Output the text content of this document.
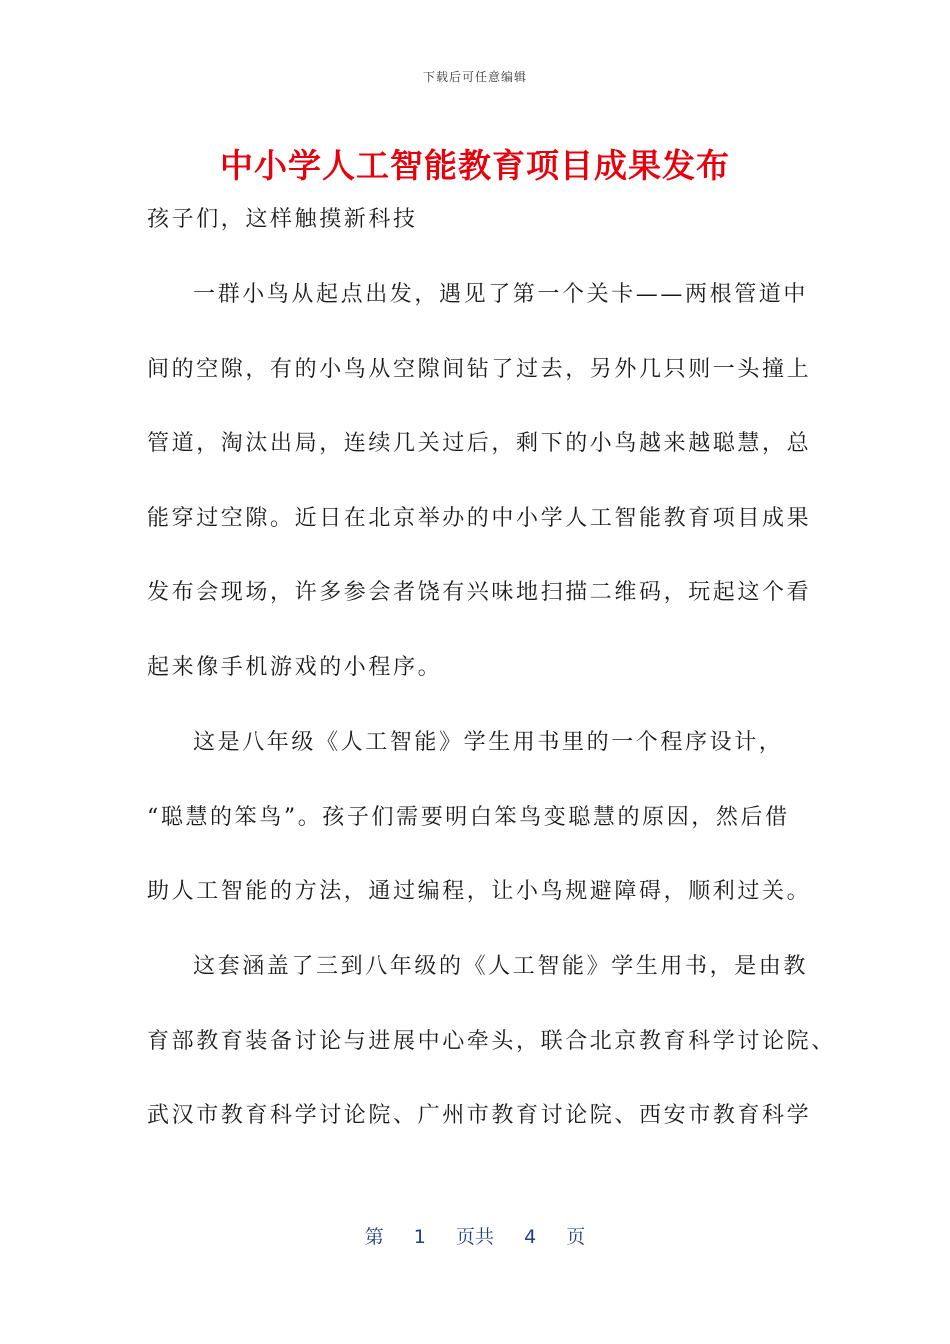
下载后可任意编辑
中小学人工智能教育项目成果发布
孩子们，这样触摸新科技
一群小鸟从起点出发，遇见了第一个关卡——两根管道中
间的空隙，有的小鸟从空隙间钻了过去，另外几只则一头撞上
管道，淘汰出局，连续几关过后，剩下的小鸟越来越聪慧，总
能穿过空隙。近日在北京举办的中小学人工智能教育项目成果
发布会现场，许多参会者饶有兴味地扫描二维码，玩起这个看
起来像手机游戏的小程序。
这是八年级《人工智能》学生用书里的一个程序设计，
“聪慧的笨鸟”。孩子们需要明白笨鸟变聪慧的原因，然后借
助人工智能的方法，通过编程，让小鸟规避障碍，顺利过关。
这套涵盖了三到八年级的《人工智能》学生用书，是由教
育部教育装备讨论与进展中心牵头，联合北京教育科学讨论院、
武汉市教育科学讨论院、广州市教育讨论院、西安市教育科学
第 1 页共 4 页
